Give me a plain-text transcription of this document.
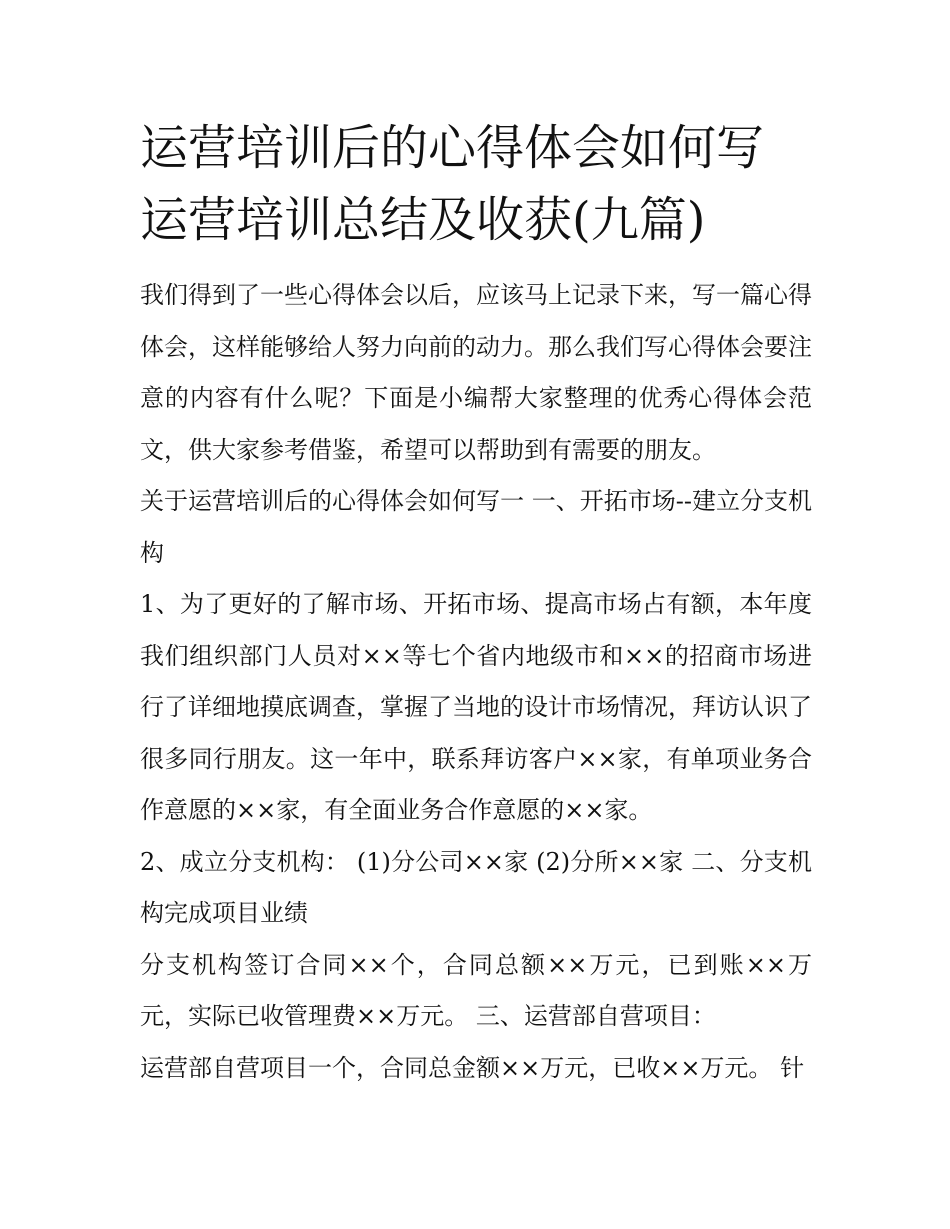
运营培训后的心得体会如何写
运营培训总结及收获(九篇)

我们得到了一些心得体会以后，应该马上记录下来，写一篇心得体会，这样能够给人努力向前的动力。那么我们写心得体会要注意的内容有什么呢？下面是小编帮大家整理的优秀心得体会范文，供大家参考借鉴，希望可以帮助到有需要的朋友。

关于运营培训后的心得体会如何写一 一、开拓市场--建立分支机构

1、为了更好的了解市场、开拓市场、提高市场占有额，本年度我们组织部门人员对××等七个省内地级市和××的招商市场进行了详细地摸底调查，掌握了当地的设计市场情况，拜访认识了很多同行朋友。这一年中，联系拜访客户××家，有单项业务合作意愿的××家，有全面业务合作意愿的××家。

2、成立分支机构： (1)分公司××家 (2)分所××家 二、分支机构完成项目业绩

分支机构签订合同××个，合同总额××万元，已到账××万元，实际已收管理费××万元。 三、运营部自营项目：

运营部自营项目一个，合同总金额××万元，已收××万元。 针
